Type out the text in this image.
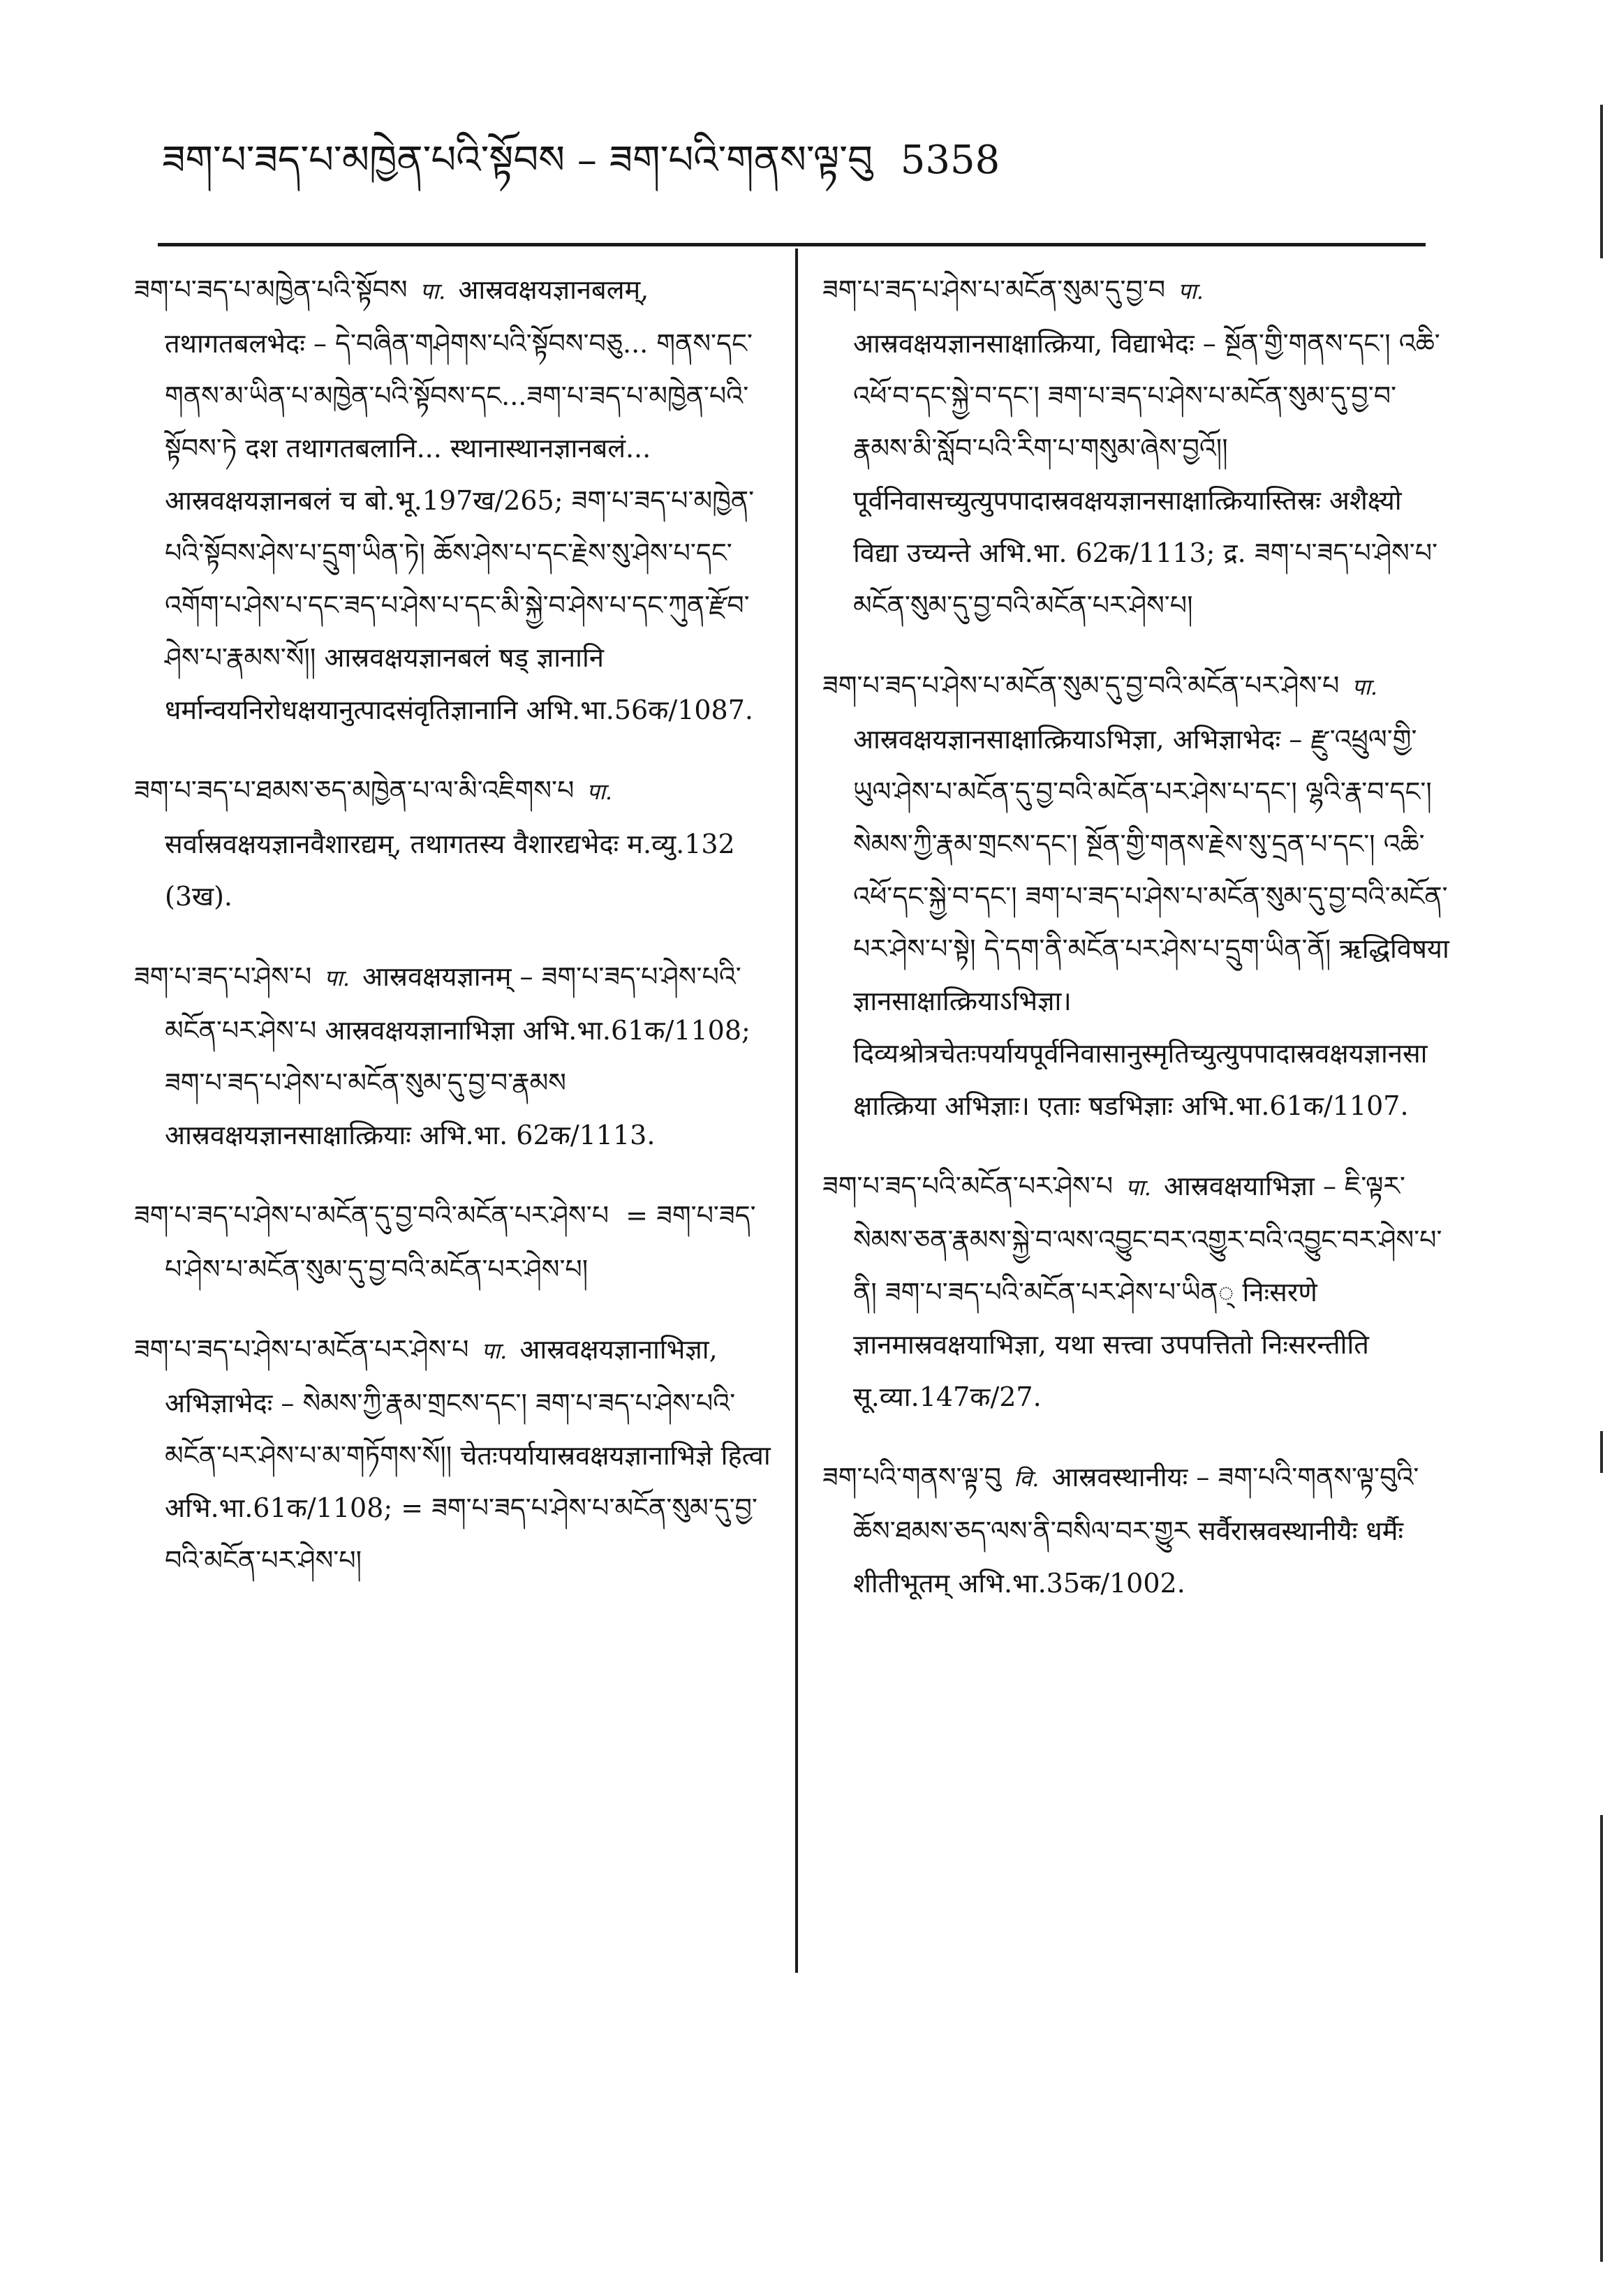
ཟག་པ་ཟད་པ་མཁྱེན་པའི་སྟོབས – ཟག་པའི་གནས་ལྟ་བུ 5358

ཟག་པ་ཟད་པ་མཁྱེན་པའི་སྟོབས पा. आस्रवक्षयज्ञानबलम्, तथागतबलभेदः – དེ་བཞིན་གཤེགས་པའི་སྟོབས་བཅུ... གནས་དང་གནས་མ་ཡིན་པ་མཁྱེན་པའི་སྟོབས་དང...ཟག་པ་ཟད་པ་མཁྱེན་པའི་སྟོབས་ཏེ दश तथागतबलानि... स्थानास्थानज्ञानबलं... आस्रवक्षयज्ञानबलं च बो.भू.197ख/265; ཟག་པ་ཟད་པ་མཁྱེན་པའི་སྟོབས་ཤེས་པ་དྲུག་ཡིན་ཏེ། ཆོས་ཤེས་པ་དང་རྗེས་སུ་ཤེས་པ་དང་འགོག་པ་ཤེས་པ་དང་ཟད་པ་ཤེས་པ་དང་མི་སྐྱེ་བ་ཤེས་པ་དང་ཀུན་རྫོབ་ཤེས་པ་རྣམས་སོ།། आस्रवक्षयज्ञानबलं षड् ज्ञानानि धर्मान्वयनिरोधक्षयानुत्पादसंवृतिज्ञानानि अभि.भा.56क/1087.

ཟག་པ་ཟད་པ་ཐམས་ཅད་མཁྱེན་པ་ལ་མི་འཇིགས་པ पा. सर्वास्रवक्षयज्ञानवैशारद्यम्, तथागतस्य वैशारद्यभेदः म.व्यु.132 (3ख).

ཟག་པ་ཟད་པ་ཤེས་པ पा. आस्रवक्षयज्ञानम् – ཟག་པ་ཟད་པ་ཤེས་པའི་མངོན་པར་ཤེས་པ आस्रवक्षयज्ञानाभिज्ञा अभि.भा.61क/1108; ཟག་པ་ཟད་པ་ཤེས་པ་མངོན་སུམ་དུ་བྱ་བ་རྣམས आस्रवक्षयज्ञानसाक्षात्क्रियाः अभि.भा. 62क/1113.

ཟག་པ་ཟད་པ་ཤེས་པ་མངོན་དུ་བྱ་བའི་མངོན་པར་ཤེས་པ = ཟག་པ་ཟད་པ་ཤེས་པ་མངོན་སུམ་དུ་བྱ་བའི་མངོན་པར་ཤེས་པ།

ཟག་པ་ཟད་པ་ཤེས་པ་མངོན་པར་ཤེས་པ पा. आस्रवक्षयज्ञानाभिज्ञा, अभिज्ञाभेदः – སེམས་ཀྱི་རྣམ་གྲངས་དང་། ཟག་པ་ཟད་པ་ཤེས་པའི་མངོན་པར་ཤེས་པ་མ་གཏོགས་སོ།། चेतःपर्यायास्रवक्षयज्ञानाभिज्ञे हित्वा अभि.भा.61क/1108; = ཟག་པ་ཟད་པ་ཤེས་པ་མངོན་སུམ་དུ་བྱ་བའི་མངོན་པར་ཤེས་པ།

ཟག་པ་ཟད་པ་ཤེས་པ་མངོན་སུམ་དུ་བྱ་བ पा. आस्रवक्षयज्ञानसाक्षात्क्रिया, विद्याभेदः – སྔོན་གྱི་གནས་དང་། འཆི་འཕོ་བ་དང་སྐྱེ་བ་དང་། ཟག་པ་ཟད་པ་ཤེས་པ་མངོན་སུམ་དུ་བྱ་བ་རྣམས་མི་སློབ་པའི་རིག་པ་གསུམ་ཞེས་བྱའོ།། पूर्वनिवासच्युत्युपपादास्रवक्षयज्ञानसाक्षात्क्रियास्तिस्रः अशैक्ष्यो विद्या उच्यन्ते अभि.भा. 62क/1113; द्र. ཟག་པ་ཟད་པ་ཤེས་པ་མངོན་སུམ་དུ་བྱ་བའི་མངོན་པར་ཤེས་པ།

ཟག་པ་ཟད་པ་ཤེས་པ་མངོན་སུམ་དུ་བྱ་བའི་མངོན་པར་ཤེས་པ पा. आस्रवक्षयज्ञानसाक्षात्क्रियाऽभिज्ञा, अभिज्ञाभेदः – རྫུ་འཕྲུལ་གྱི་ཡུལ་ཤེས་པ་མངོན་དུ་བྱ་བའི་མངོན་པར་ཤེས་པ་དང་། ལྷའི་རྣ་བ་དང་། སེམས་ཀྱི་རྣམ་གྲངས་དང་། སྔོན་གྱི་གནས་རྗེས་སུ་དྲན་པ་དང་། འཆི་འཕོ་དང་སྐྱེ་བ་དང་། ཟག་པ་ཟད་པ་ཤེས་པ་མངོན་སུམ་དུ་བྱ་བའི་མངོན་པར་ཤེས་པ་སྟེ། དེ་དག་ནི་མངོན་པར་ཤེས་པ་དྲུག་ཡིན་ནོ། ऋद्धिविषया ज्ञानसाक्षात्क्रियाऽभिज्ञा। दिव्यश्रोत्रचेतःपर्यायपूर्वनिवासानुस्मृतिच्युत्युपपादास्रवक्षयज्ञानसाक्षात्क्रिया अभिज्ञाः। एताः षडभिज्ञाः अभि.भा.61क/1107.

ཟག་པ་ཟད་པའི་མངོན་པར་ཤེས་པ पा. आस्रवक्षयाभिज्ञा – ཇི་ལྟར་སེམས་ཅན་རྣམས་སྐྱེ་བ་ལས་འབྱུང་བར་འགྱུར་བའི་འབྱུང་བར་ཤེས་པ་ནི། ཟག་པ་ཟད་པའི་མངོན་པར་ཤེས་པ་ཡིན् निःसरणे ज्ञानमास्रवक्षयाभिज्ञा, यथा सत्त्वा उपपत्तितो निःसरन्तीति सू.व्या.147क/27.

ཟག་པའི་གནས་ལྟ་བུ वि. आस्रवस्थानीयः – ཟག་པའི་གནས་ལྟ་བུའི་ཆོས་ཐམས་ཅད་ལས་ནི་བསིལ་བར་གྱུར सर्वैरास्रवस्थानीयैः धर्मैः शीतीभूतम् अभि.भा.35क/1002.
